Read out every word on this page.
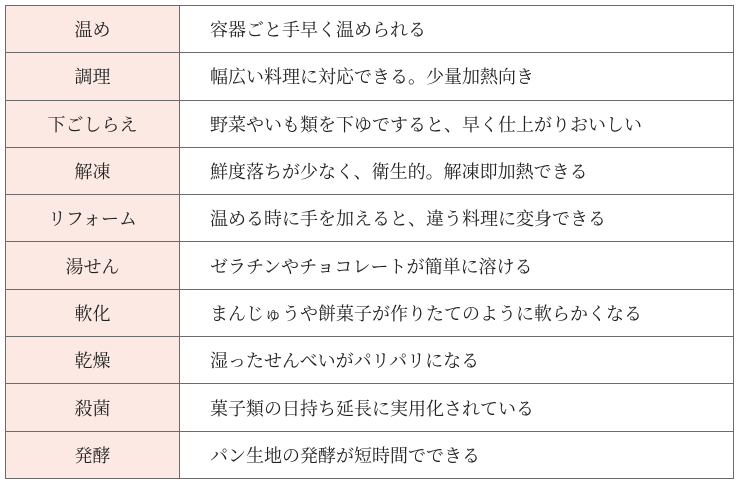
温め	容器ごと手早く温められる
調理	幅広い料理に対応できる。少量加熱向き
下ごしらえ	野菜やいも類を下ゆですると、早く仕上がりおいしい
解凍	鮮度落ちが少なく、衛生的。解凍即加熱できる
リフォーム	温める時に手を加えると、違う料理に変身できる
湯せん	ゼラチンやチョコレートが簡単に溶ける
軟化	まんじゅうや餅菓子が作りたてのように軟らかくなる
乾燥	湿ったせんべいがパリパリになる
殺菌	菓子類の日持ち延長に実用化されている
発酵	パン生地の発酵が短時間でできる
